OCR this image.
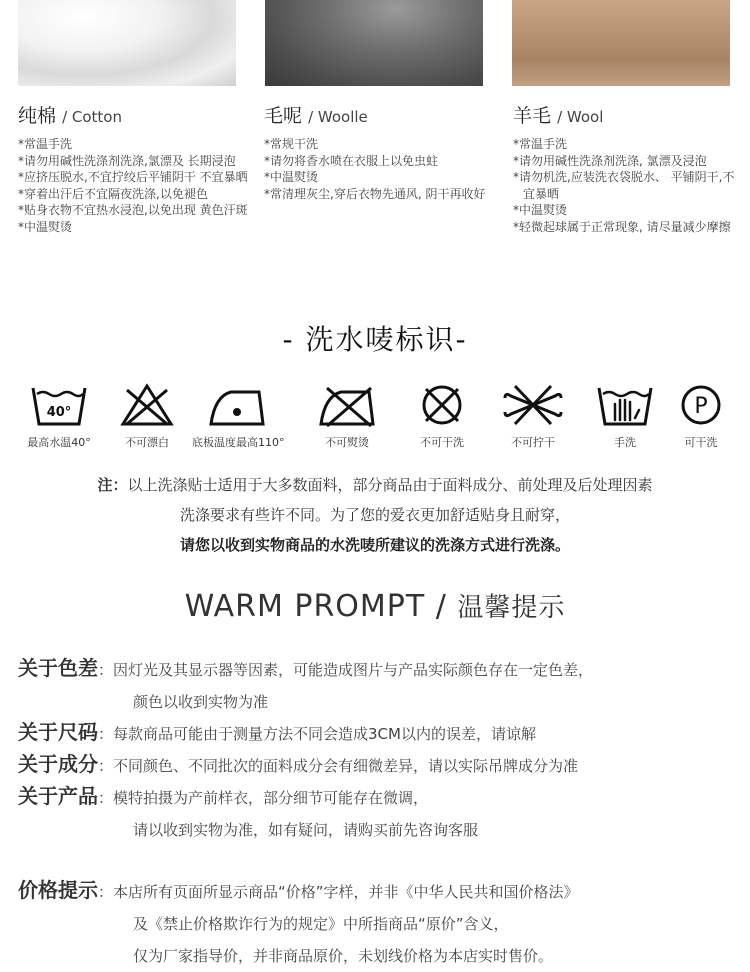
纯棉 / Cotton
*常温手洗
*请勿用碱性洗涤剂洗涤,氯漂及 长期浸泡
*应挤压脱水,不宜拧绞后平铺阴干 不宜暴晒
*穿着出汗后不宜隔夜洗涤,以免褪色
*贴身衣物不宜热水浸泡,以免出现 黄色汗斑
*中温熨烫
毛呢 / Woolle
*常规干洗
*请勿将香水喷在衣服上以免虫蛀
*中温熨烫
*常清理灰尘,穿后衣物先通风, 阴干再收好
羊毛 / Wool
*常温手洗
*请勿用碱性洗涤剂洗涤, 氯漂及浸泡
*请勿机洗,应装洗衣袋脱水、 平铺阴干,不宜暴晒
*中温熨烫
*轻微起球属于正常现象, 请尽量减少摩擦
- 洗水唛标识-
40°
最高水温40°	不可漂白	底板温度最高110°	不可熨烫	不可干洗	不可拧干	手洗
P
可干洗
注：以上洗涤贴士适用于大多数面料，部分商品由于面料成分、前处理及后处理因素
洗涤要求有些许不同。为了您的爱衣更加舒适贴身且耐穿，
请您以收到实物商品的水洗唛所建议的洗涤方式进行洗涤。
WARM PROMPT / 温馨提示
关于色差：因灯光及其显示器等因素，可能造成图片与产品实际颜色存在一定色差，
颜色以收到实物为准
关于尺码：每款商品可能由于测量方法不同会造成3CM以内的误差，请谅解
关于成分：不同颜色、不同批次的面料成分会有细微差异，请以实际吊牌成分为准
关于产品：模特拍摄为产前样衣，部分细节可能存在微调，
请以收到实物为准，如有疑问，请购买前先咨询客服
价格提示：本店所有页面所显示商品“价格”字样，并非《中华人民共和国价格法》
及《禁止价格欺诈行为的规定》中所指商品“原价”含义，
仅为厂家指导价，并非商品原价，未划线价格为本店实时售价。
